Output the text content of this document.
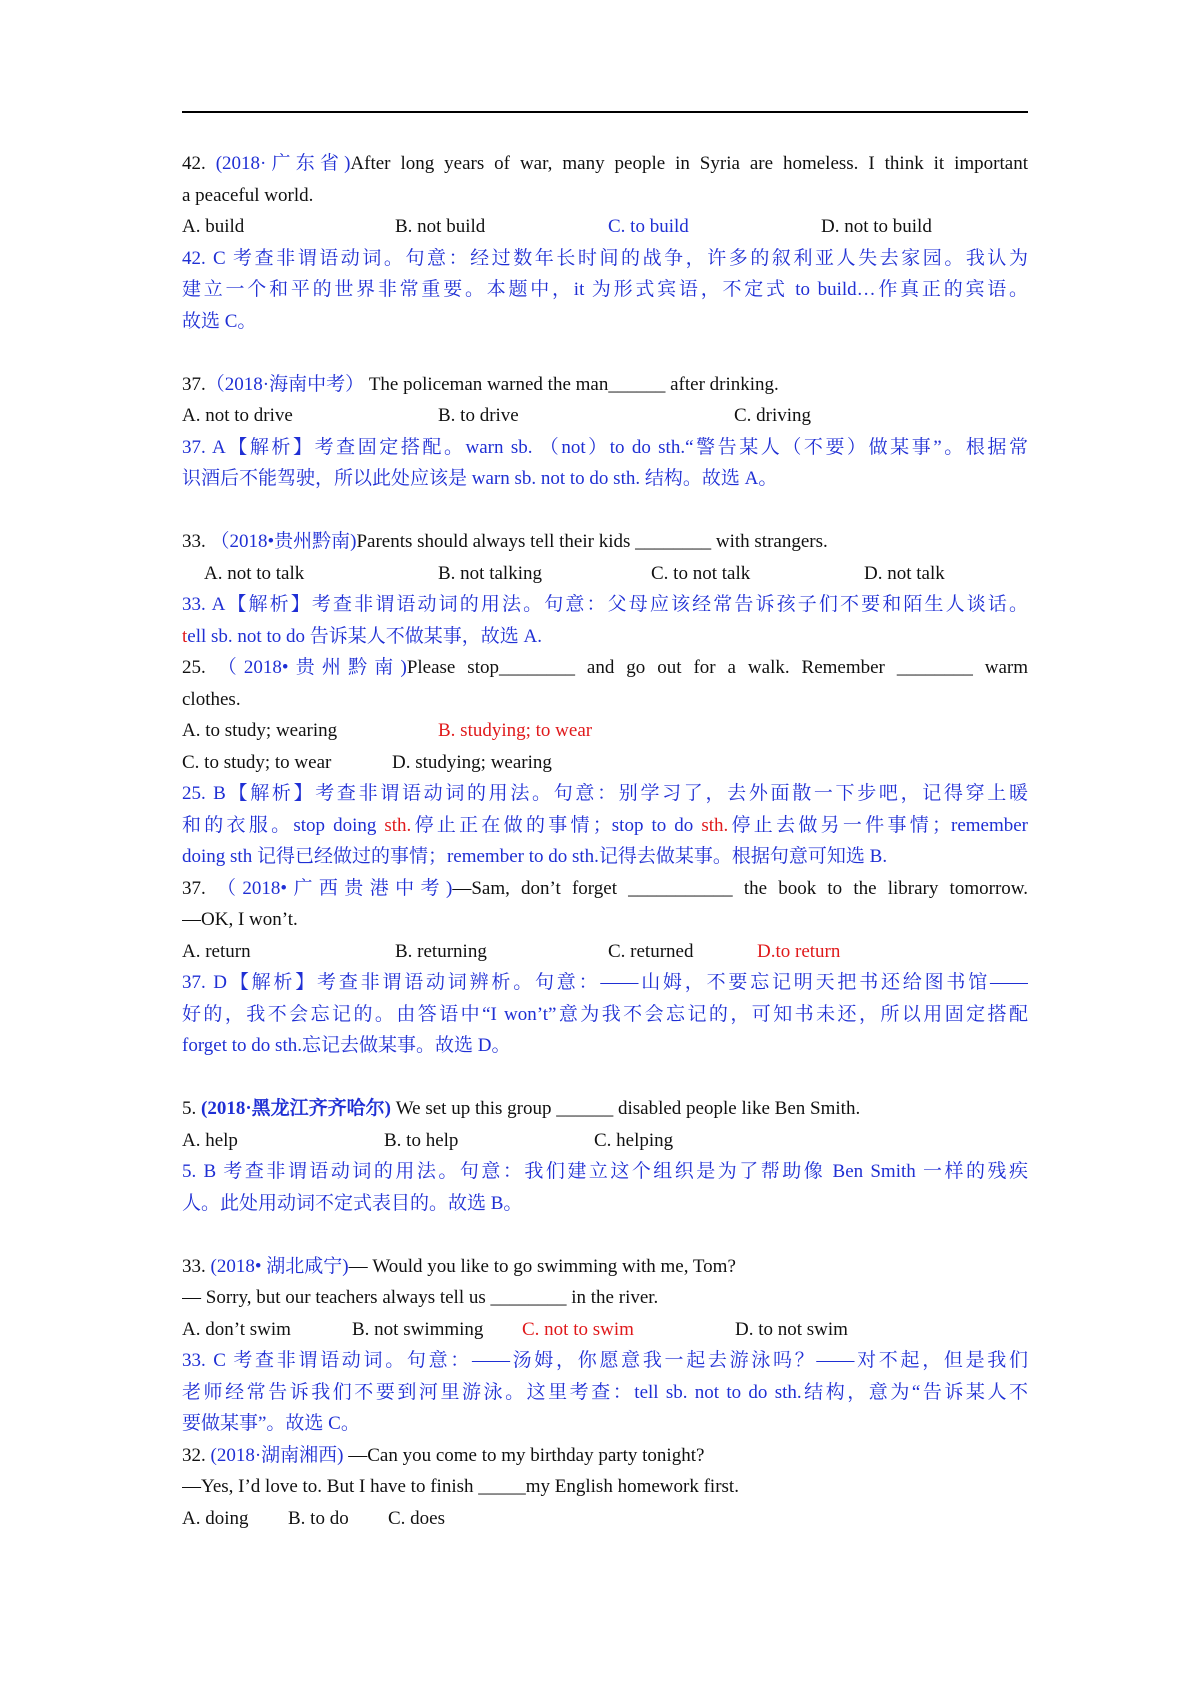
42. (2018·广东省)After long years of war, many people in Syria are homeless. I think it important
a peaceful world.
A. build	B. not build	C. to build	D. not to build
42. C 考查非谓语动词。句意：经过数年长时间的战争，许多的叙利亚人失去家园。我认为
建立一个和平的世界非常重要。本题中，it 为形式宾语，不定式 to build…作真正的宾语。
故选 C。
37.（2018·海南中考） The policeman warned the man______ after drinking.
A. not to drive	B. to drive	C. driving
37. A【解析】考查固定搭配。warn sb. （not）to do sth.“警告某人（不要）做某事”。根据常
识酒后不能驾驶，所以此处应该是 warn sb. not to do sth. 结构。故选 A。
33. （2018•贵州黔南)Parents should always tell their kids ________ with strangers.
A. not to talk	B. not talking	C. to not talk	D. not talk
33. A【解析】考查非谓语动词的用法。句意：父母应该经常告诉孩子们不要和陌生人谈话。
tell sb. not to do 告诉某人不做某事，故选 A.
25. （2018•贵州黔南)Please stop________ and go out for a walk. Remember ________ warm
clothes.
A. to study; wearing	B. studying; to wear
C. to study; to wear	D. studying; wearing
25. B【解析】考查非谓语动词的用法。句意：别学习了，去外面散一下步吧，记得穿上暖
和的衣服。stop doing sth.停止正在做的事情；stop to do sth.停止去做另一件事情；remember
doing sth 记得已经做过的事情；remember to do sth.记得去做某事。根据句意可知选 B.
37. （2018•广西贵港中考)—Sam, don’t forget ___________ the book to the library tomorrow.
—OK, I won’t.
A. return	B. returning	C. returned	D.to return
37. D【解析】考查非谓语动词辨析。句意：——山姆，不要忘记明天把书还给图书馆——
好的，我不会忘记的。由答语中“I won’t”意为我不会忘记的，可知书未还，所以用固定搭配
forget to do sth.忘记去做某事。故选 D。
5. (2018·黑龙江齐齐哈尔) We set up this group ______ disabled people like Ben Smith.
A. help	B. to help	C. helping
5. B 考查非谓语动词的用法。句意：我们建立这个组织是为了帮助像 Ben Smith 一样的残疾
人。此处用动词不定式表目的。故选 B。
33. (2018• 湖北咸宁)— Would you like to go swimming with me, Tom?
— Sorry, but our teachers always tell us ________ in the river.
A. don’t swim	B. not swimming	C. not to swim	D. to not swim
33. C 考查非谓语动词。句意：——汤姆，你愿意我一起去游泳吗？——对不起，但是我们
老师经常告诉我们不要到河里游泳。这里考查：tell sb. not to do sth.结构，意为“告诉某人不
要做某事”。故选 C。
32. (2018·湖南湘西) —Can you come to my birthday party tonight?
—Yes, I’d love to. But I have to finish _____my English homework first.
A. doing	B. to do	C. does
